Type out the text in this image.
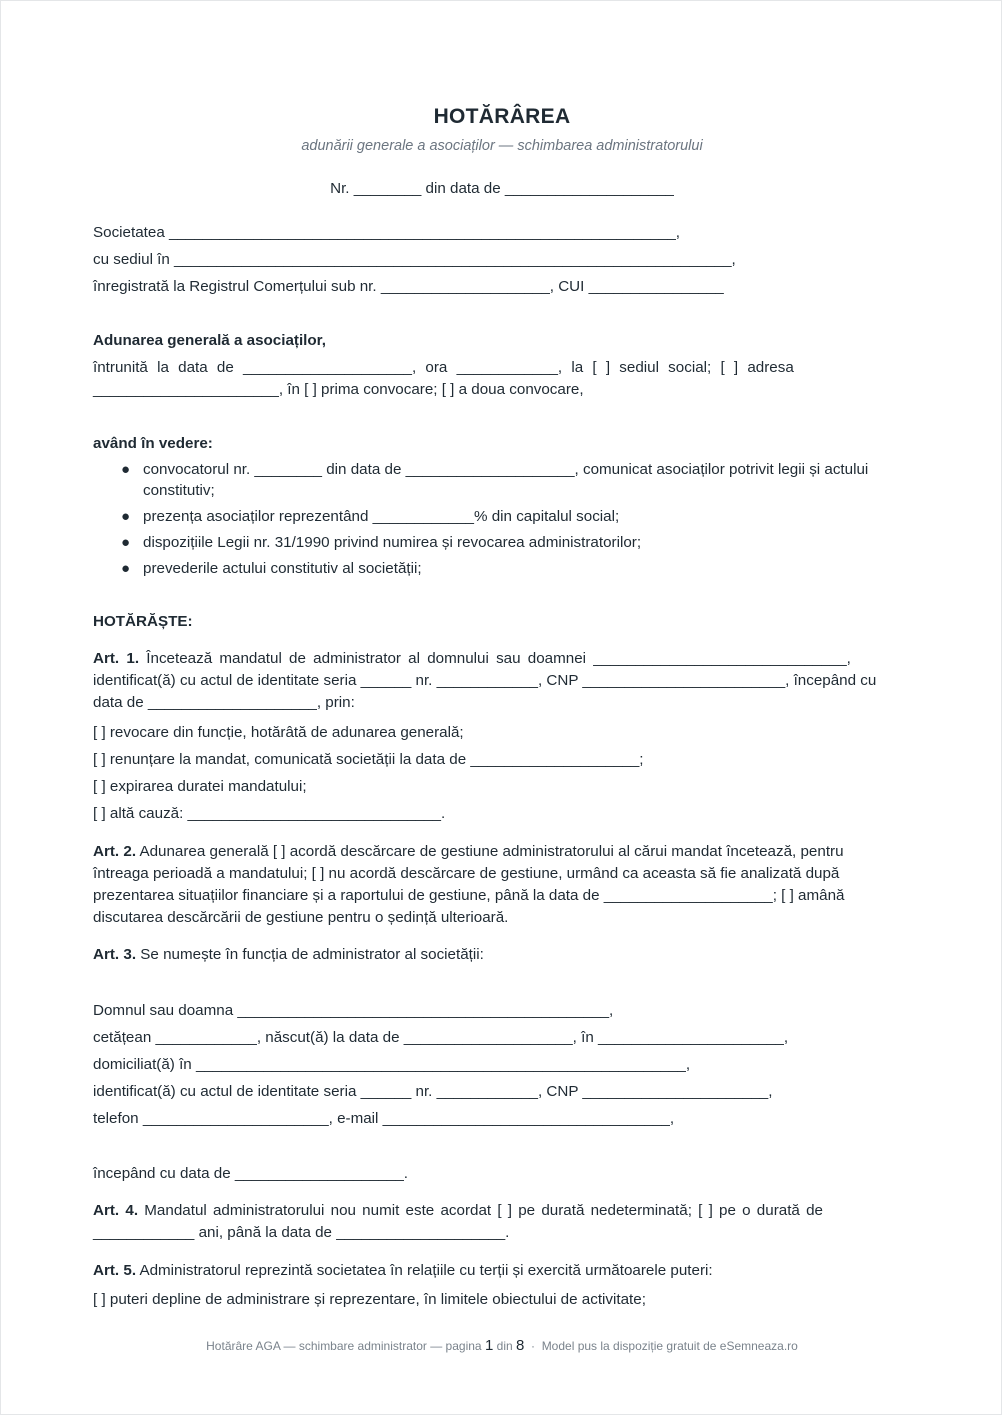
HOTĂRÂREA
adunării generale a asociaților — schimbarea administratorului
Nr. ________ din data de ____________________
Societatea ____________________________________________________________,
cu sediul în __________________________________________________________________,
înregistrată la Registrul Comerțului sub nr. ____________________, CUI ________________
Adunarea generală a asociaților,
întrunită la data de ____________________, ora ____________, la [ ] sediul social; [ ] adresa
______________________, în [ ] prima convocare; [ ] a doua convocare,
având în vedere:
● convocatorul nr. ________ din data de ____________________, comunicat asociaților potrivit legii și actului
constitutiv;
● prezența asociaților reprezentând ____________% din capitalul social;
● dispozițiile Legii nr. 31/1990 privind numirea și revocarea administratorilor;
● prevederile actului constitutiv al societății;
HOTĂRĂȘTE:
Art. 1. Încetează mandatul de administrator al domnului sau doamnei ______________________________,
identificat(ă) cu actul de identitate seria ______ nr. ____________, CNP ________________________, începând cu
data de ____________________, prin:
[ ] revocare din funcție, hotărâtă de adunarea generală;
[ ] renunțare la mandat, comunicată societății la data de ____________________;
[ ] expirarea duratei mandatului;
[ ] altă cauză: ______________________________.
Art. 2. Adunarea generală [ ] acordă descărcare de gestiune administratorului al cărui mandat încetează, pentru
întreaga perioadă a mandatului; [ ] nu acordă descărcare de gestiune, urmând ca aceasta să fie analizată după
prezentarea situațiilor financiare și a raportului de gestiune, până la data de ____________________; [ ] amână
discutarea descărcării de gestiune pentru o ședință ulterioară.
Art. 3. Se numește în funcția de administrator al societății:
Domnul sau doamna ____________________________________________,
cetățean ____________, născut(ă) la data de ____________________, în ______________________,
domiciliat(ă) în __________________________________________________________,
identificat(ă) cu actul de identitate seria ______ nr. ____________, CNP ______________________,
telefon ______________________, e-mail __________________________________,
începând cu data de ____________________.
Art. 4. Mandatul administratorului nou numit este acordat [ ] pe durată nedeterminată; [ ] pe o durată de
____________ ani, până la data de ____________________.
Art. 5. Administratorul reprezintă societatea în relațiile cu terții și exercită următoarele puteri:
[ ] puteri depline de administrare și reprezentare, în limitele obiectului de activitate;
Hotărâre AGA — schimbare administrator — pagina 1 din 8 · Model pus la dispoziție gratuit de eSemneaza.ro
